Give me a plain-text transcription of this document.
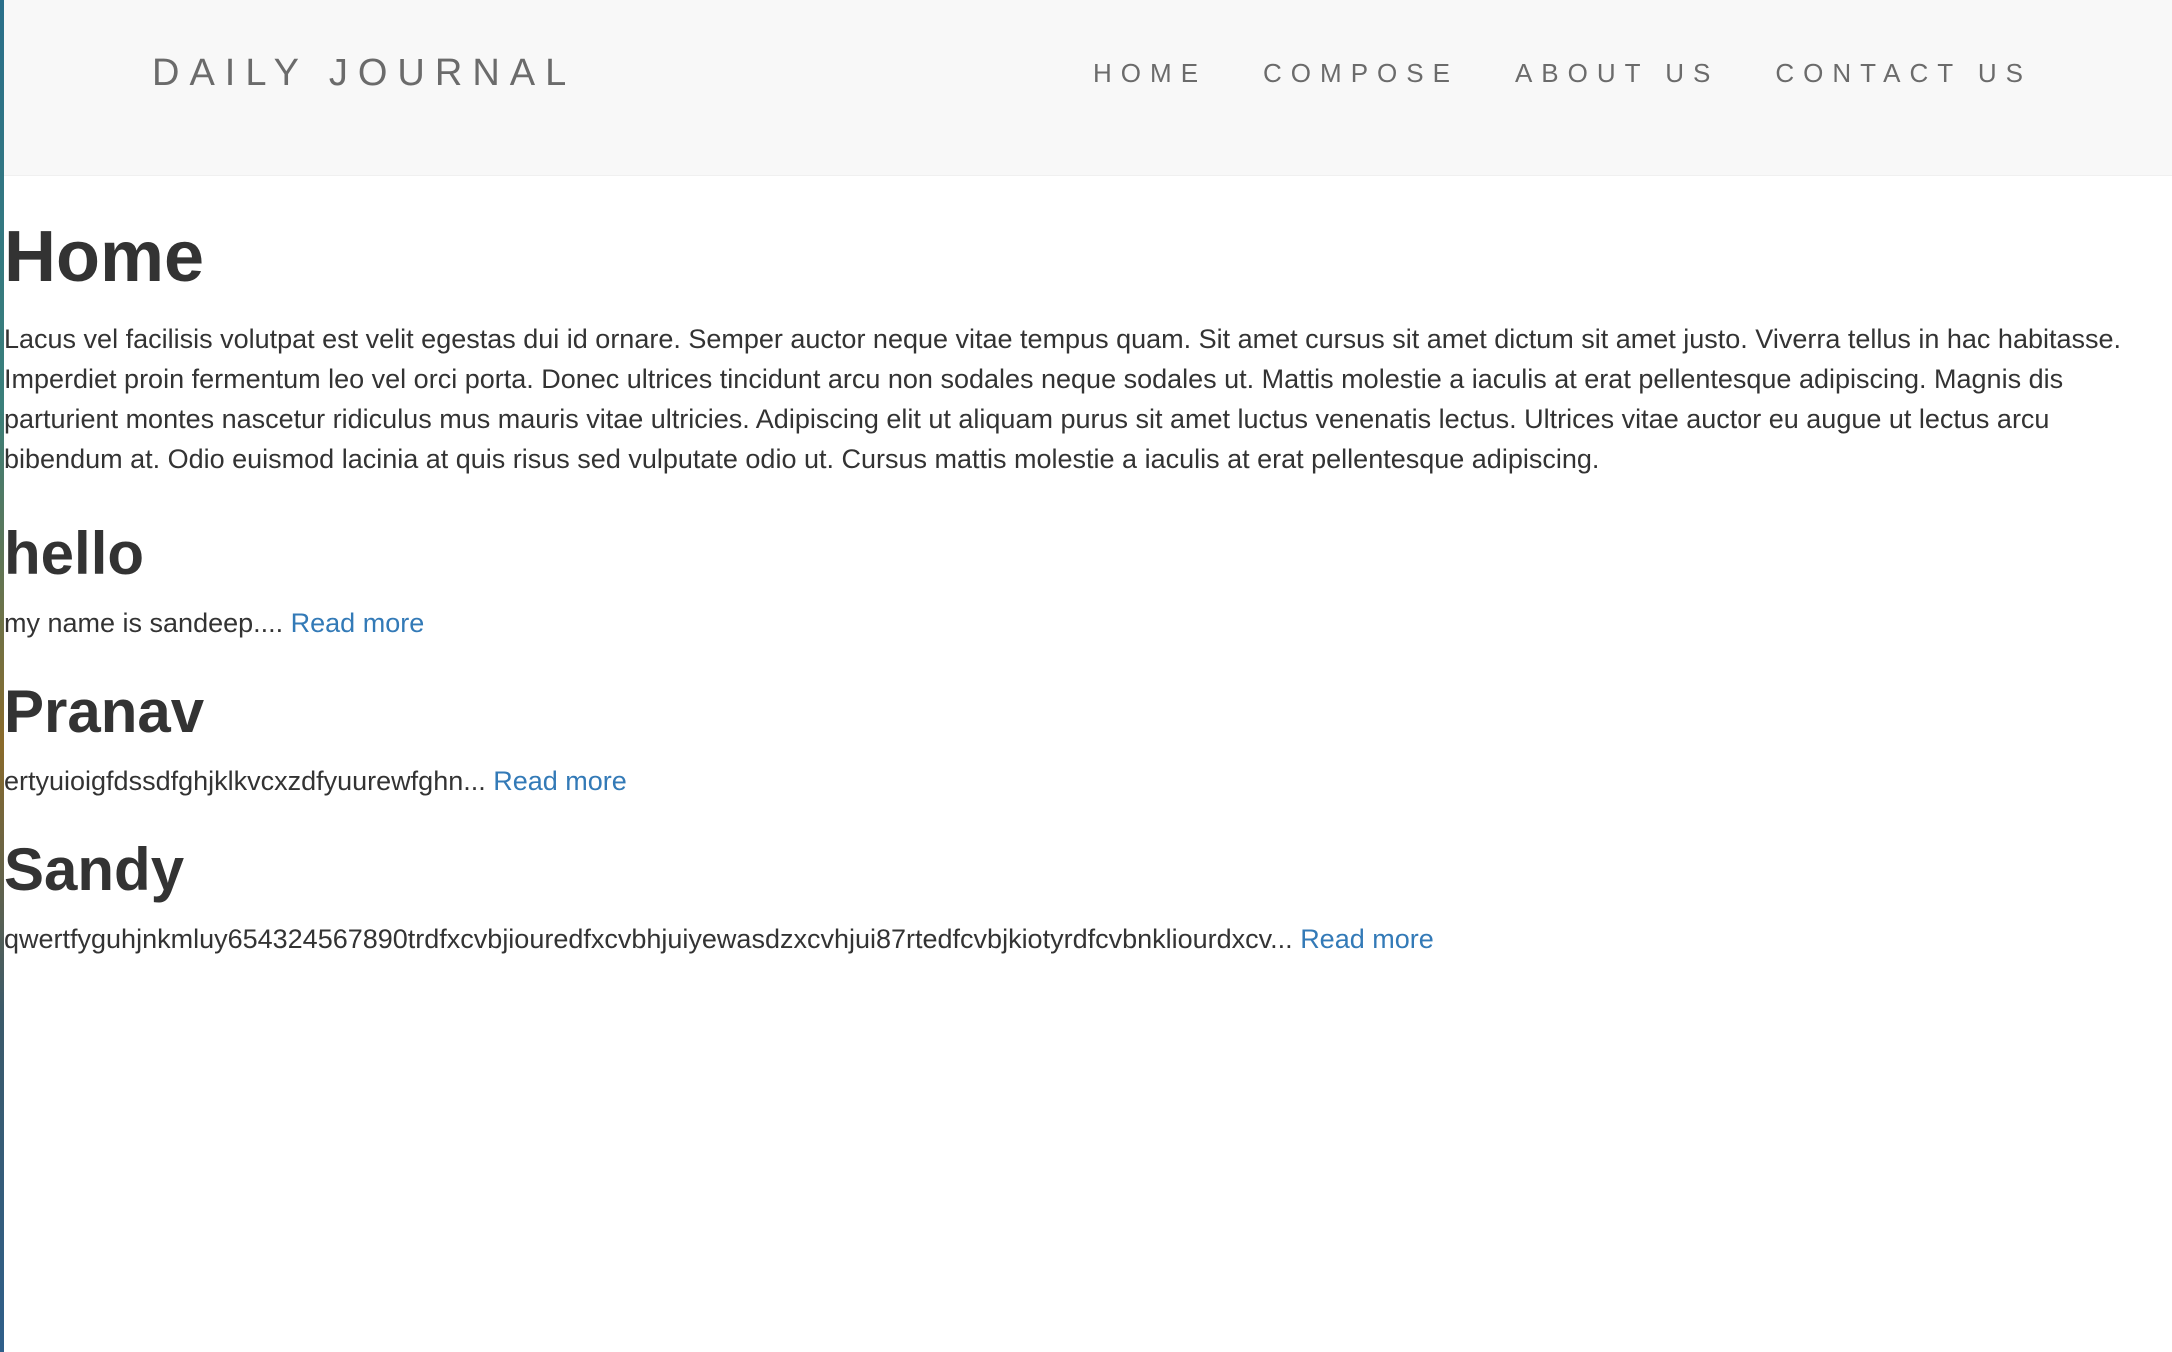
DAILY JOURNAL	HOME COMPOSE ABOUT US CONTACT US
Home

Lacus vel facilisis volutpat est velit egestas dui id ornare. Semper auctor neque vitae tempus quam. Sit amet cursus sit amet dictum sit amet justo. Viverra tellus in hac habitasse. Imperdiet proin fermentum leo vel orci porta. Donec ultrices tincidunt arcu non sodales neque sodales ut. Mattis molestie a iaculis at erat pellentesque adipiscing. Magnis dis parturient montes nascetur ridiculus mus mauris vitae ultricies. Adipiscing elit ut aliquam purus sit amet luctus venenatis lectus. Ultrices vitae auctor eu augue ut lectus arcu bibendum at. Odio euismod lacinia at quis risus sed vulputate odio ut. Cursus mattis molestie a iaculis at erat pellentesque adipiscing.

hello

my name is sandeep.... Read more

Pranav

ertyuioigfdssdfghjklkvcxzdfyuurewfghn... Read more

Sandy

qwertfyguhjnkmluy654324567890trdfxcvbjiouredfxcvbhjuiyewasdzxcvhjui87rtedfcvbjkiotyrdfcvbnkliourdxcv... Read more
